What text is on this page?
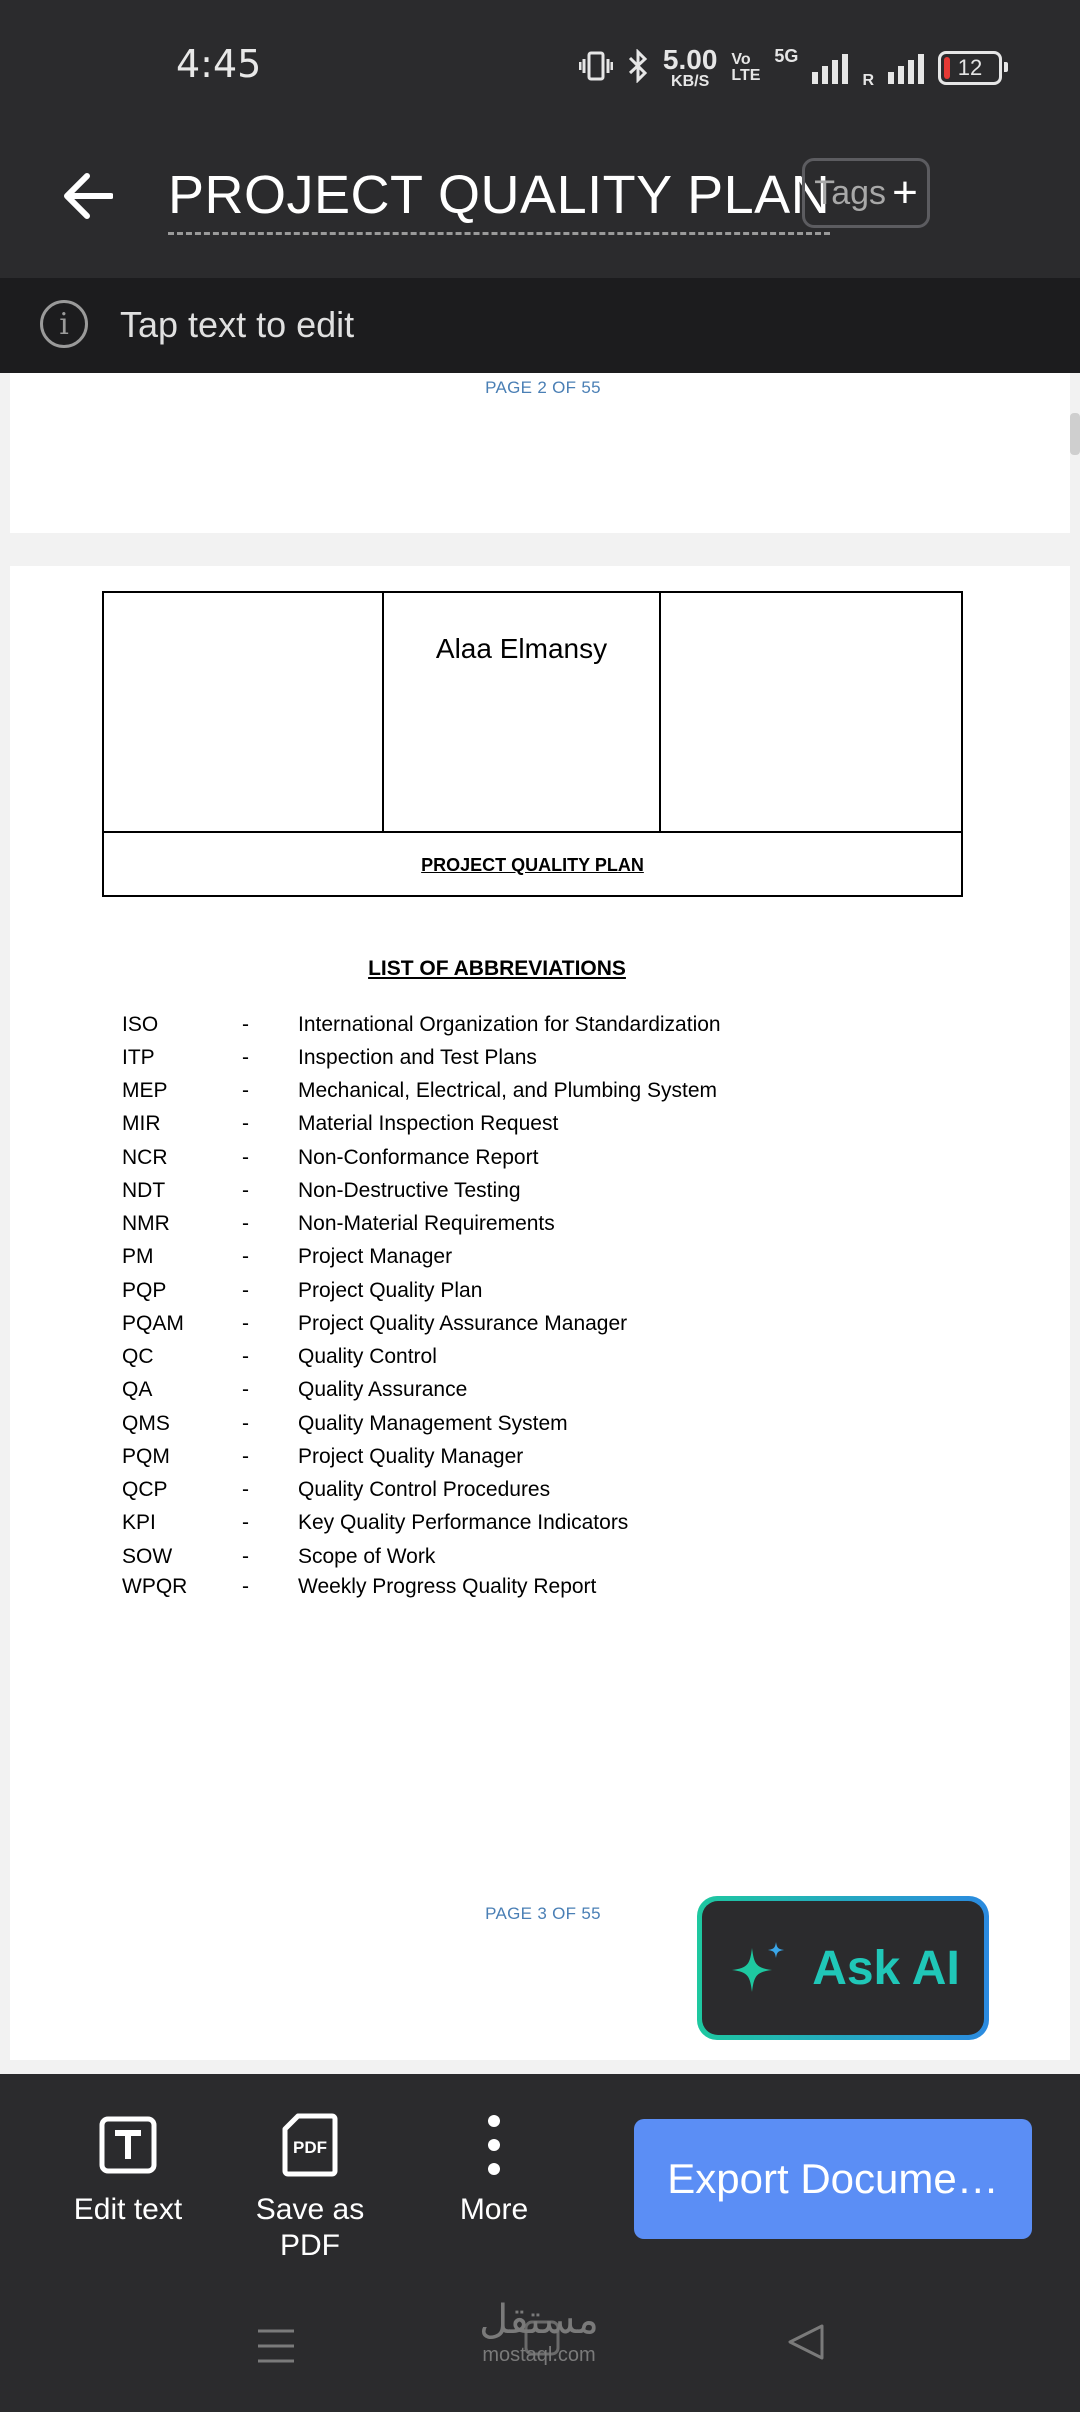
4:45	5.00
KB/S
Vo
LTE
5G
R
12
PROJECT QUALITY PLAN
Tags +
i	Tap text to edit
PAGE 2 OF 55
Alaa Elmansy
PROJECT QUALITY PLAN
LIST OF ABBREVIATIONS
ISO	- International Organization for Standardization
ITP	- Inspection and Test Plans
MEP	- Mechanical, Electrical, and Plumbing System
MIR	- Material Inspection Request
NCR	- Non-Conformance Report
NDT	- Non-Destructive Testing
NMR	- Non-Material Requirements
PM	- Project Manager
PQP	- Project Quality Plan
PQAM	- Project Quality Assurance Manager
QC	- Quality Control
QA	- Quality Assurance
QMS	- Quality Management System
PQM	- Project Quality Manager
QCP	- Quality Control Procedures
KPI	- Key Quality Performance Indicators
SOW	- Scope of Work
WPQR	- Weekly Progress Quality Report
PAGE 3 OF 55
Ask AI
Edit text
PDF
Save as PDF
More
Export Docume…
مستقل
mostaql.com
